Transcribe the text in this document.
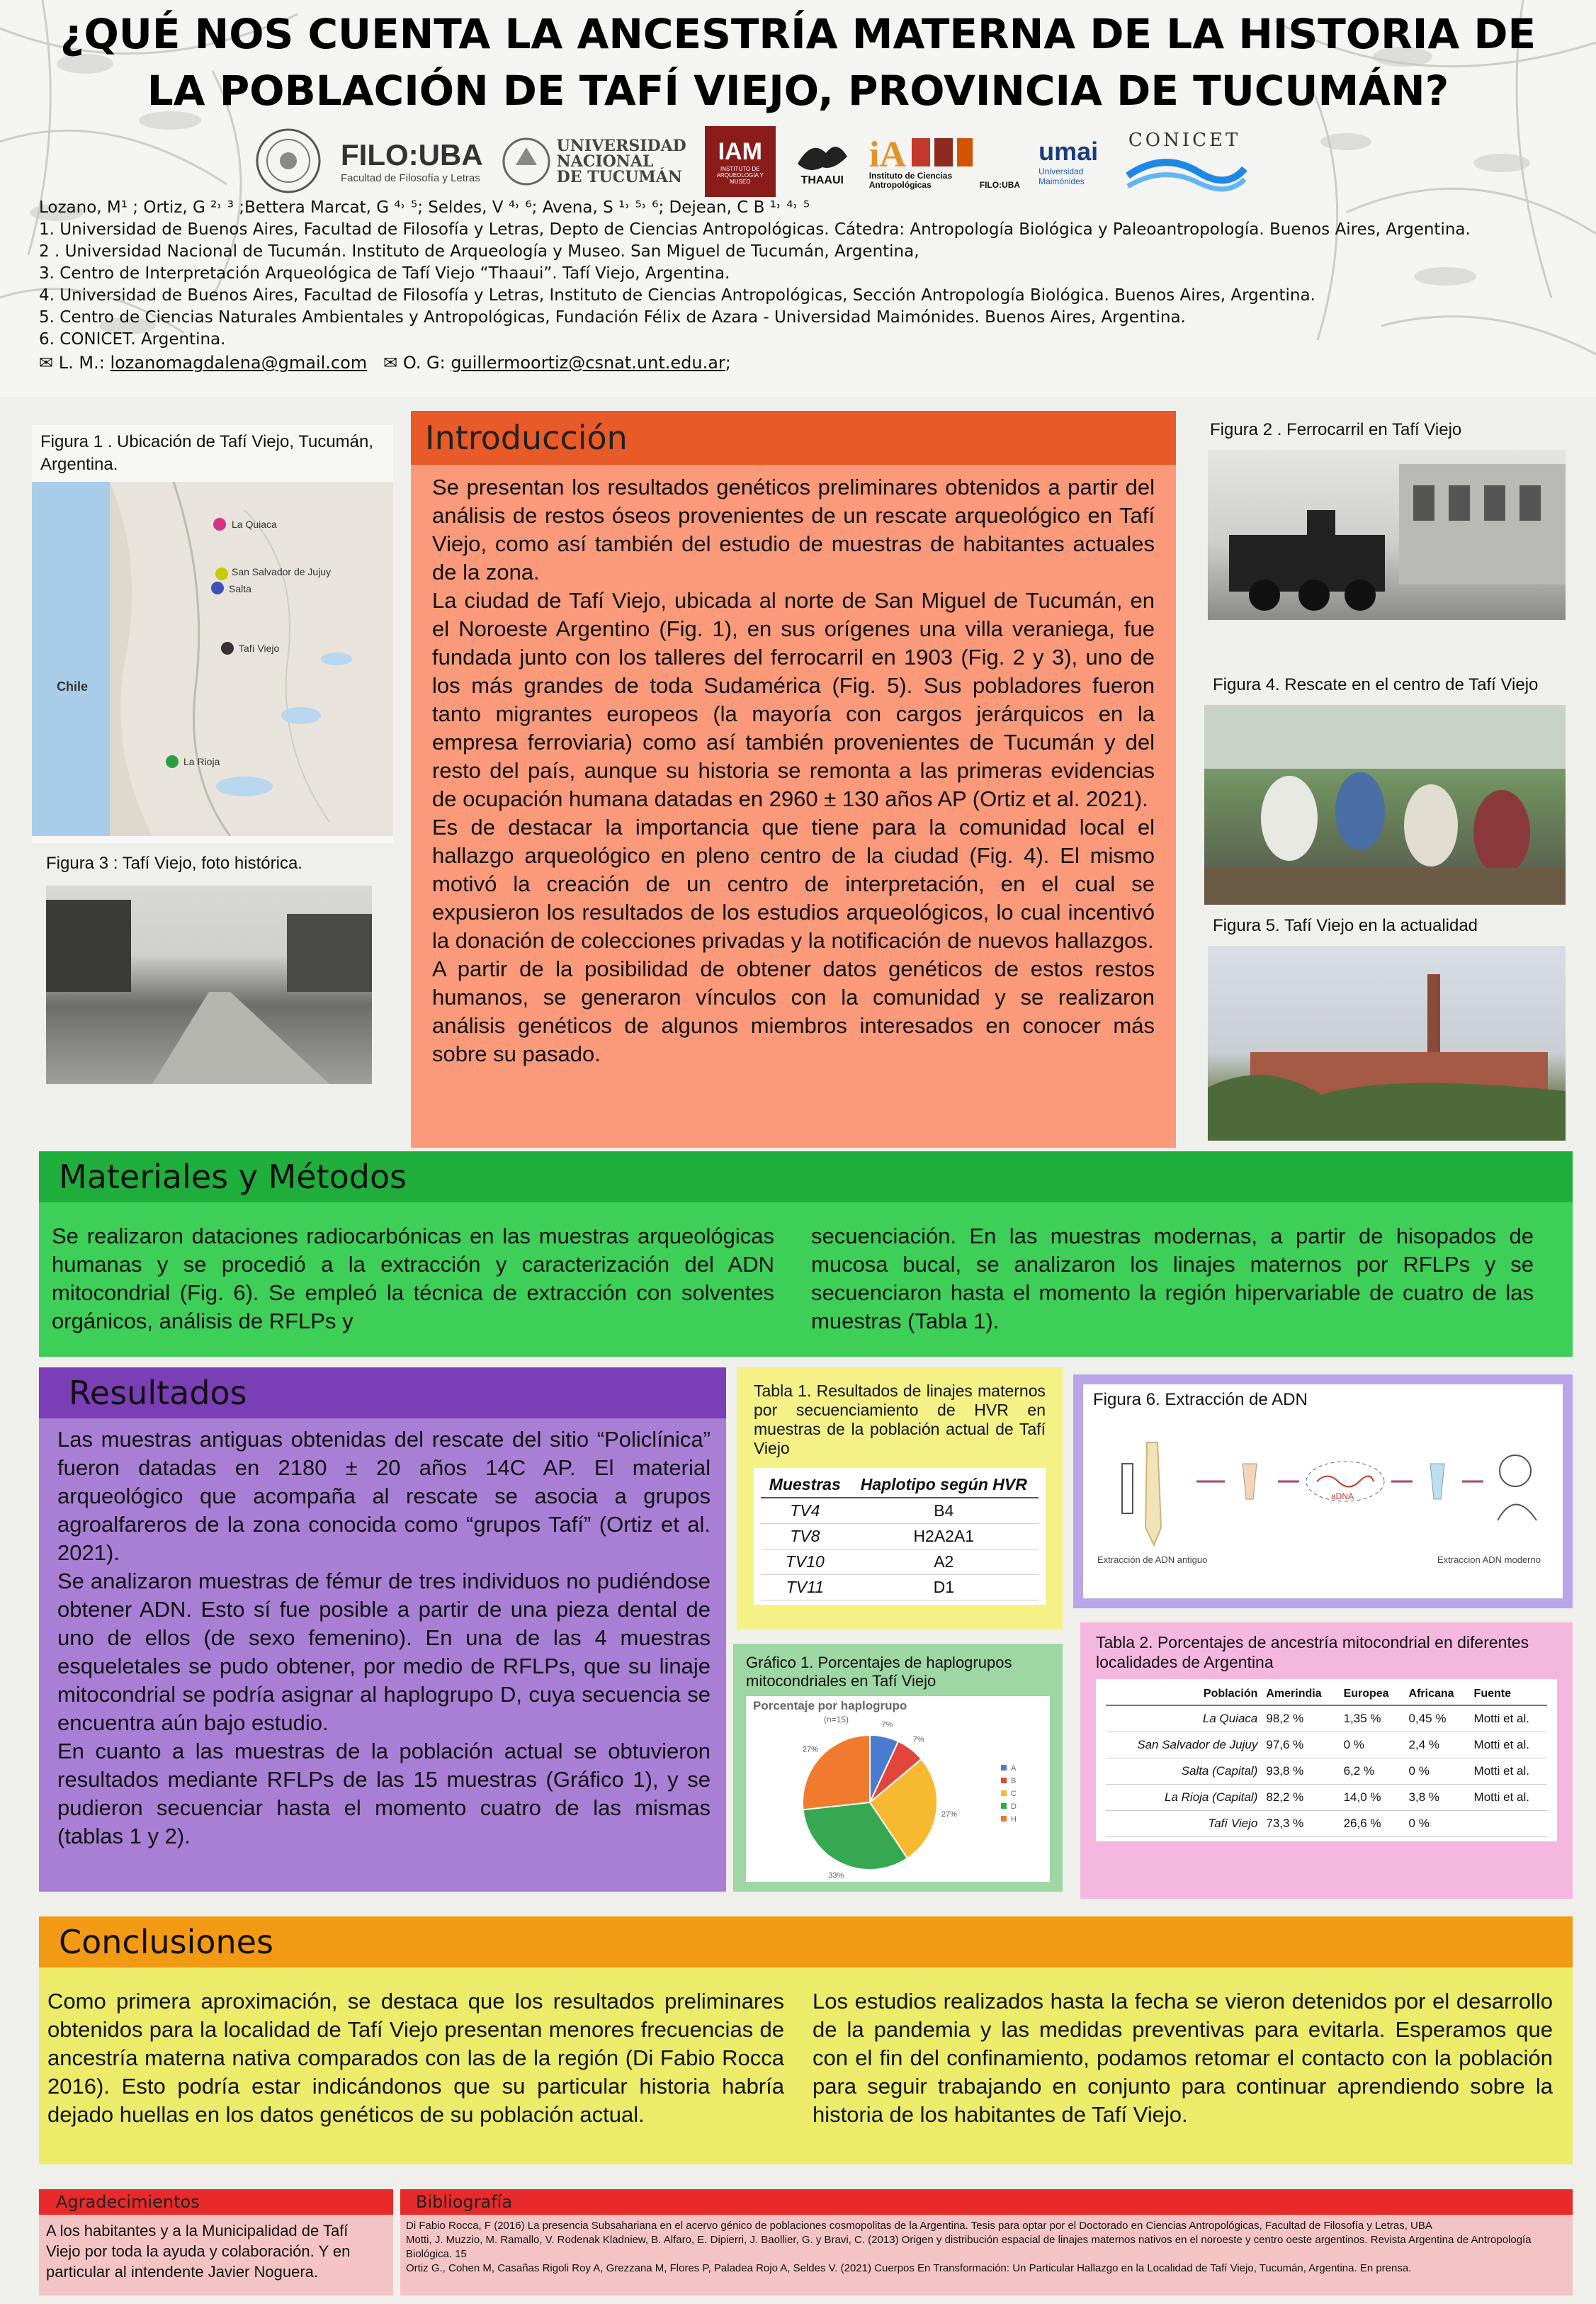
¿QUÉ NOS CUENTA LA ANCESTRÍA MATERNA DE LA HISTORIA DE
LA POBLACIÓN DE TAFÍ VIEJO, PROVINCIA DE TUCUMÁN?
FILO:UBA
Facultad de Filosofía y Letras
UNIVERSIDAD
NACIONAL
DE TUCUMÁN
IAM
INSTITUTO DE ARQUEOLOGÍA Y MUSEO	THAAUI
iA
Instituto de Ciencias Antropológicas	FILO:UBA
umai
Universidad Maimónides
CONICET
Lozano, M¹ ; Ortiz, G ²˒ ³ ;Bettera Marcat, G ⁴˒ ⁵; Seldes, V ⁴˒ ⁶; Avena, S ¹˒ ⁵˒ ⁶; Dejean, C B ¹˒ ⁴˒ ⁵
1. Universidad de Buenos Aires, Facultad de Filosofía y Letras, Depto de Ciencias Antropológicas. Cátedra: Antropología Biológica y Paleoantropología. Buenos Aires, Argentina.
2 . Universidad Nacional de Tucumán. Instituto de Arqueología y Museo. San Miguel de Tucumán, Argentina,
3. Centro de Interpretación Arqueológica de Tafí Viejo “Thaaui”. Tafí Viejo, Argentina.
4. Universidad de Buenos Aires, Facultad de Filosofía y Letras, Instituto de Ciencias Antropológicas, Sección Antropología Biológica. Buenos Aires, Argentina.
5. Centro de Ciencias Naturales Ambientales y Antropológicas, Fundación Félix de Azara - Universidad Maimónides. Buenos Aires, Argentina.
6. CONICET. Argentina.
✉ L. M.: lozanomagdalena@gmail.com ✉ O. G: guillermoortiz@csnat.unt.edu.ar;
Figura 1 . Ubicación de Tafí Viejo, Tucumán, Argentina.
La Quiaca
San Salvador de Jujuy
Salta
Tafí Viejo
La Rioja
Chile
Figura 3 : Tafí Viejo, foto histórica.
Introducción
Se presentan los resultados genéticos preliminares obtenidos a partir del análisis de restos óseos provenientes de un rescate arqueológico en Tafí Viejo, como así también del estudio de muestras de habitantes actuales de la zona.
La ciudad de Tafí Viejo, ubicada al norte de San Miguel de Tucumán, en el Noroeste Argentino (Fig. 1), en sus orígenes una villa veraniega, fue fundada junto con los talleres del ferrocarril en 1903 (Fig. 2 y 3), uno de los más grandes de toda Sudamérica (Fig. 5). Sus pobladores fueron tanto migrantes europeos (la mayoría con cargos jerárquicos en la empresa ferroviaria) como así también provenientes de Tucumán y del resto del país, aunque su historia se remonta a las primeras evidencias de ocupación humana datadas en 2960 ± 130 años AP (Ortiz et al. 2021).
Es de destacar la importancia que tiene para la comunidad local el hallazgo arqueológico en pleno centro de la ciudad (Fig. 4). El mismo motivó la creación de un centro de interpretación, en el cual se expusieron los resultados de los estudios arqueológicos, lo cual incentivó la donación de colecciones privadas y la notificación de nuevos hallazgos.
A partir de la posibilidad de obtener datos genéticos de estos restos humanos, se generaron vínculos con la comunidad y se realizaron análisis genéticos de algunos miembros interesados en conocer más sobre su pasado.
Figura 2 . Ferrocarril en Tafí Viejo
Figura 4. Rescate en el centro de Tafí Viejo
Figura 5. Tafí Viejo en la actualidad
Materiales y Métodos
Se realizaron dataciones radiocarbónicas en las muestras arqueológicas humanas y se procedió a la extracción y caracterización del ADN mitocondrial (Fig. 6). Se empleó la técnica de extracción con solventes orgánicos, análisis de RFLPs y
secuenciación. En las muestras modernas, a partir de hisopados de mucosa bucal, se analizaron los linajes maternos por RFLPs y se secuenciaron hasta el momento la región hipervariable de cuatro de las muestras (Tabla 1).
Resultados
Las muestras antiguas obtenidas del rescate del sitio “Policlínica” fueron datadas en 2180 ± 20 años 14C AP. El material arqueológico que acompaña al rescate se asocia a grupos agroalfareros de la zona conocida como “grupos Tafí” (Ortiz et al. 2021).
Se analizaron muestras de fémur de tres individuos no pudiéndose obtener ADN. Esto sí fue posible a partir de una pieza dental de uno de ellos (de sexo femenino). En una de las 4 muestras esqueletales se pudo obtener, por medio de RFLPs, que su linaje mitocondrial se podría asignar al haplogrupo D, cuya secuencia se encuentra aún bajo estudio.
En cuanto a las muestras de la población actual se obtuvieron resultados mediante RFLPs de las 15 muestras (Gráfico 1), y se pudieron secuenciar hasta el momento cuatro de las mismas (tablas 1 y 2).
Tabla 1. Resultados de linajes maternos por secuenciamiento de HVR en muestras de la población actual de Tafí Viejo
Muestras	Haplotipo según HVR
TV4	B4
TV8	H2A2A1
TV10	A2
TV11	D1
Figura 6. Extracción de ADN
aDNA
Extracción de ADN antiguo	Extraccion ADN moderno
Gráfico 1. Porcentajes de haplogrupos mitocondriales en Tafí Viejo
Porcentaje por haplogrupo
(n=15)
7%
7%
27%
33%
27%
A
B
C
D
H
Tabla 2. Porcentajes de ancestría mitocondrial en diferentes localidades de Argentina
Población	Amerindia	Europea	Africana	Fuente
La Quiaca	98,2 %	1,35 %	0,45 %	Motti et al.
San Salvador de Jujuy	97,6 %	0 %	2,4 %	Motti et al.
Salta (Capital)	93,8 %	6,2 %	0 %	Motti et al.
La Rioja (Capital)	82,2 %	14,0 %	3,8 %	Motti et al.
Tafí Viejo	73,3 %	26,6 %	0 %	
Conclusiones
Como primera aproximación, se destaca que los resultados preliminares obtenidos para la localidad de Tafí Viejo presentan menores frecuencias de ancestría materna nativa comparados con las de la región (Di Fabio Rocca 2016). Esto podría estar indicándonos que su particular historia habría dejado huellas en los datos genéticos de su población actual.
Los estudios realizados hasta la fecha se vieron detenidos por el desarrollo de la pandemia y las medidas preventivas para evitarla. Esperamos que con el fin del confinamiento, podamos retomar el contacto con la población para seguir trabajando en conjunto para continuar aprendiendo sobre la historia de los habitantes de Tafí Viejo.
Agradecimientos
A los habitantes y a la Municipalidad de Tafí Viejo por toda la ayuda y colaboración. Y en particular al intendente Javier Noguera.
Bibliografía
Di Fabio Rocca, F (2016) La presencia Subsahariana en el acervo génico de poblaciones cosmopolitas de la Argentina. Tesis para optar por el Doctorado en Ciencias Antropológicas, Facultad de Filosofía y Letras, UBA
Motti, J. Muzzio, M. Ramallo, V. Rodenak Kladniew, B. Alfaro, E. Dipierri, J. Baollier, G. y Bravi, C. (2013) Origen y distribución espacial de linajes maternos nativos en el noroeste y centro oeste argentinos. Revista Argentina de Antropología Biológica. 15
Ortiz G., Cohen M, Casañas Rigoli Roy A, Grezzana M, Flores P, Paladea Rojo A, Seldes V. (2021) Cuerpos En Transformación: Un Particular Hallazgo en la Localidad de Tafí Viejo, Tucumán, Argentina. En prensa.
